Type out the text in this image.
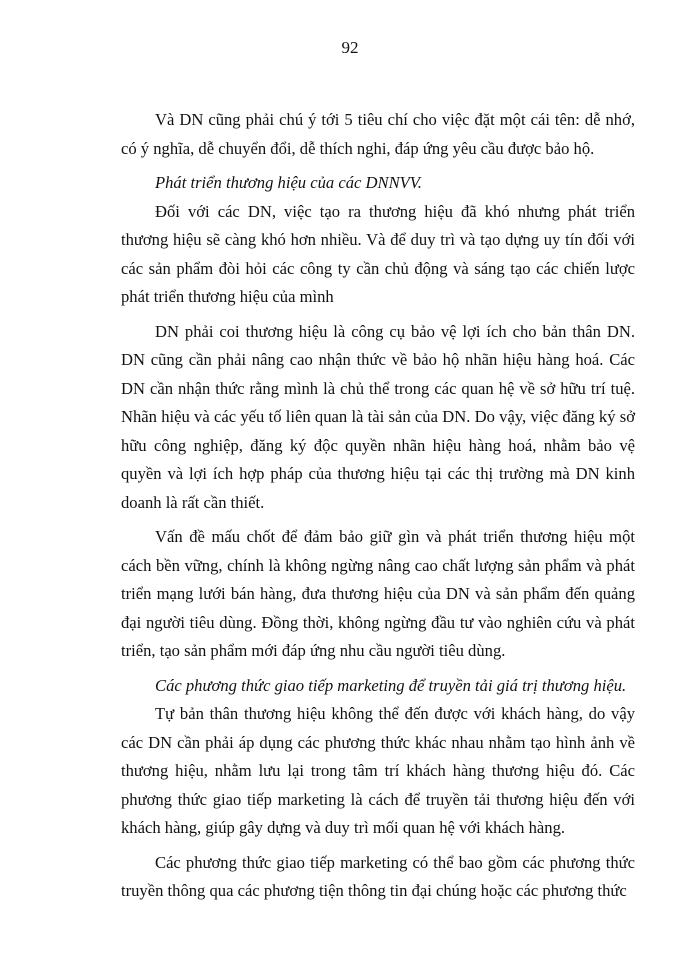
92

Và DN cũng phải chú ý tới 5 tiêu chí cho việc đặt một cái tên: dễ nhớ, có ý nghĩa, dễ chuyển đổi, dễ thích nghi, đáp ứng yêu cầu được bảo hộ.

Phát triển thương hiệu của các DNNVV.

Đối với các DN, việc tạo ra thương hiệu đã khó nhưng phát triển thương hiệu sẽ càng khó hơn nhiều. Và để duy trì và tạo dựng uy tín đối với các sản phẩm đòi hỏi các công ty cần chủ động và sáng tạo các chiến lược phát triển thương hiệu của mình

DN phải coi thương hiệu là công cụ bảo vệ lợi ích cho bản thân DN. DN cũng cần phải nâng cao nhận thức về bảo hộ nhãn hiệu hàng hoá. Các DN cần nhận thức rằng mình là chủ thể trong các quan hệ về sở hữu trí tuệ. Nhãn hiệu và các yếu tố liên quan là tài sản của DN. Do vậy, việc đăng ký sở hữu công nghiệp, đăng ký độc quyền nhãn hiệu hàng hoá, nhằm bảo vệ quyền và lợi ích hợp pháp của thương hiệu tại các thị trường mà DN kinh doanh là rất cần thiết.

Vấn đề mấu chốt để đảm bảo giữ gìn và phát triển thương hiệu một cách bền vững, chính là không ngừng nâng cao chất lượng sản phẩm và phát triển mạng lưới bán hàng, đưa thương hiệu của DN và sản phẩm đến quảng đại người tiêu dùng. Đồng thời, không ngừng đầu tư vào nghiên cứu và phát triển, tạo sản phẩm mới đáp ứng nhu cầu người tiêu dùng.

Các phương thức giao tiếp marketing để truyền tải giá trị thương hiệu.

Tự bản thân thương hiệu không thể đến được với khách hàng, do vậy các DN cần phải áp dụng các phương thức khác nhau nhằm tạo hình ảnh về thương hiệu, nhằm lưu lại trong tâm trí khách hàng thương hiệu đó. Các phương thức giao tiếp marketing là cách để truyền tải thương hiệu đến với khách hàng, giúp gây dựng và duy trì mối quan hệ với khách hàng.

Các phương thức giao tiếp marketing có thể bao gồm các phương thức truyền thông qua các phương tiện thông tin đại chúng hoặc các phương thức
